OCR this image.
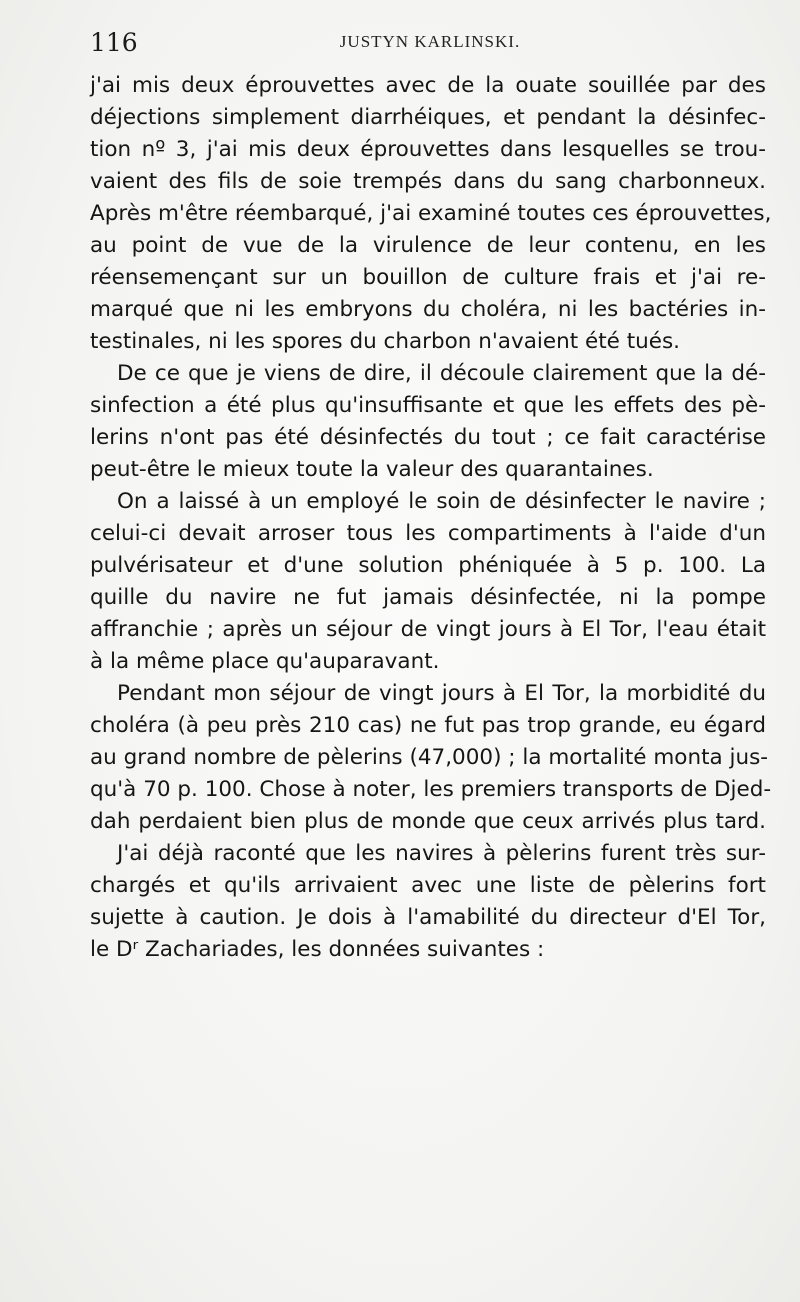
116	JUSTYN KARLINSKI.
j'ai mis deux éprouvettes avec de la ouate souillée par des
déjections simplement diarrhéiques, et pendant la désinfec-
tion nº 3, j'ai mis deux éprouvettes dans lesquelles se trou-
vaient des fils de soie trempés dans du sang charbonneux.
Après m'être réembarqué, j'ai examiné toutes ces éprouvettes,
au point de vue de la virulence de leur contenu, en les
réensemençant sur un bouillon de culture frais et j'ai re-
marqué que ni les embryons du choléra, ni les bactéries in-
testinales, ni les spores du charbon n'avaient été tués.
De ce que je viens de dire, il découle clairement que la dé-
sinfection a été plus qu'insuffisante et que les effets des pè-
lerins n'ont pas été désinfectés du tout ; ce fait caractérise
peut-être le mieux toute la valeur des quarantaines.
On a laissé à un employé le soin de désinfecter le navire ;
celui-ci devait arroser tous les compartiments à l'aide d'un
pulvérisateur et d'une solution phéniquée à 5 p. 100. La
quille du navire ne fut jamais désinfectée, ni la pompe
affranchie ; après un séjour de vingt jours à El Tor, l'eau était
à la même place qu'auparavant.
Pendant mon séjour de vingt jours à El Tor, la morbidité du
choléra (à peu près 210 cas) ne fut pas trop grande, eu égard
au grand nombre de pèlerins (47,000) ; la mortalité monta jus-
qu'à 70 p. 100. Chose à noter, les premiers transports de Djed-
dah perdaient bien plus de monde que ceux arrivés plus tard.
J'ai déjà raconté que les navires à pèlerins furent très sur-
chargés et qu'ils arrivaient avec une liste de pèlerins fort
sujette à caution. Je dois à l'amabilité du directeur d'El Tor,
le Dʳ Zachariades, les données suivantes :
